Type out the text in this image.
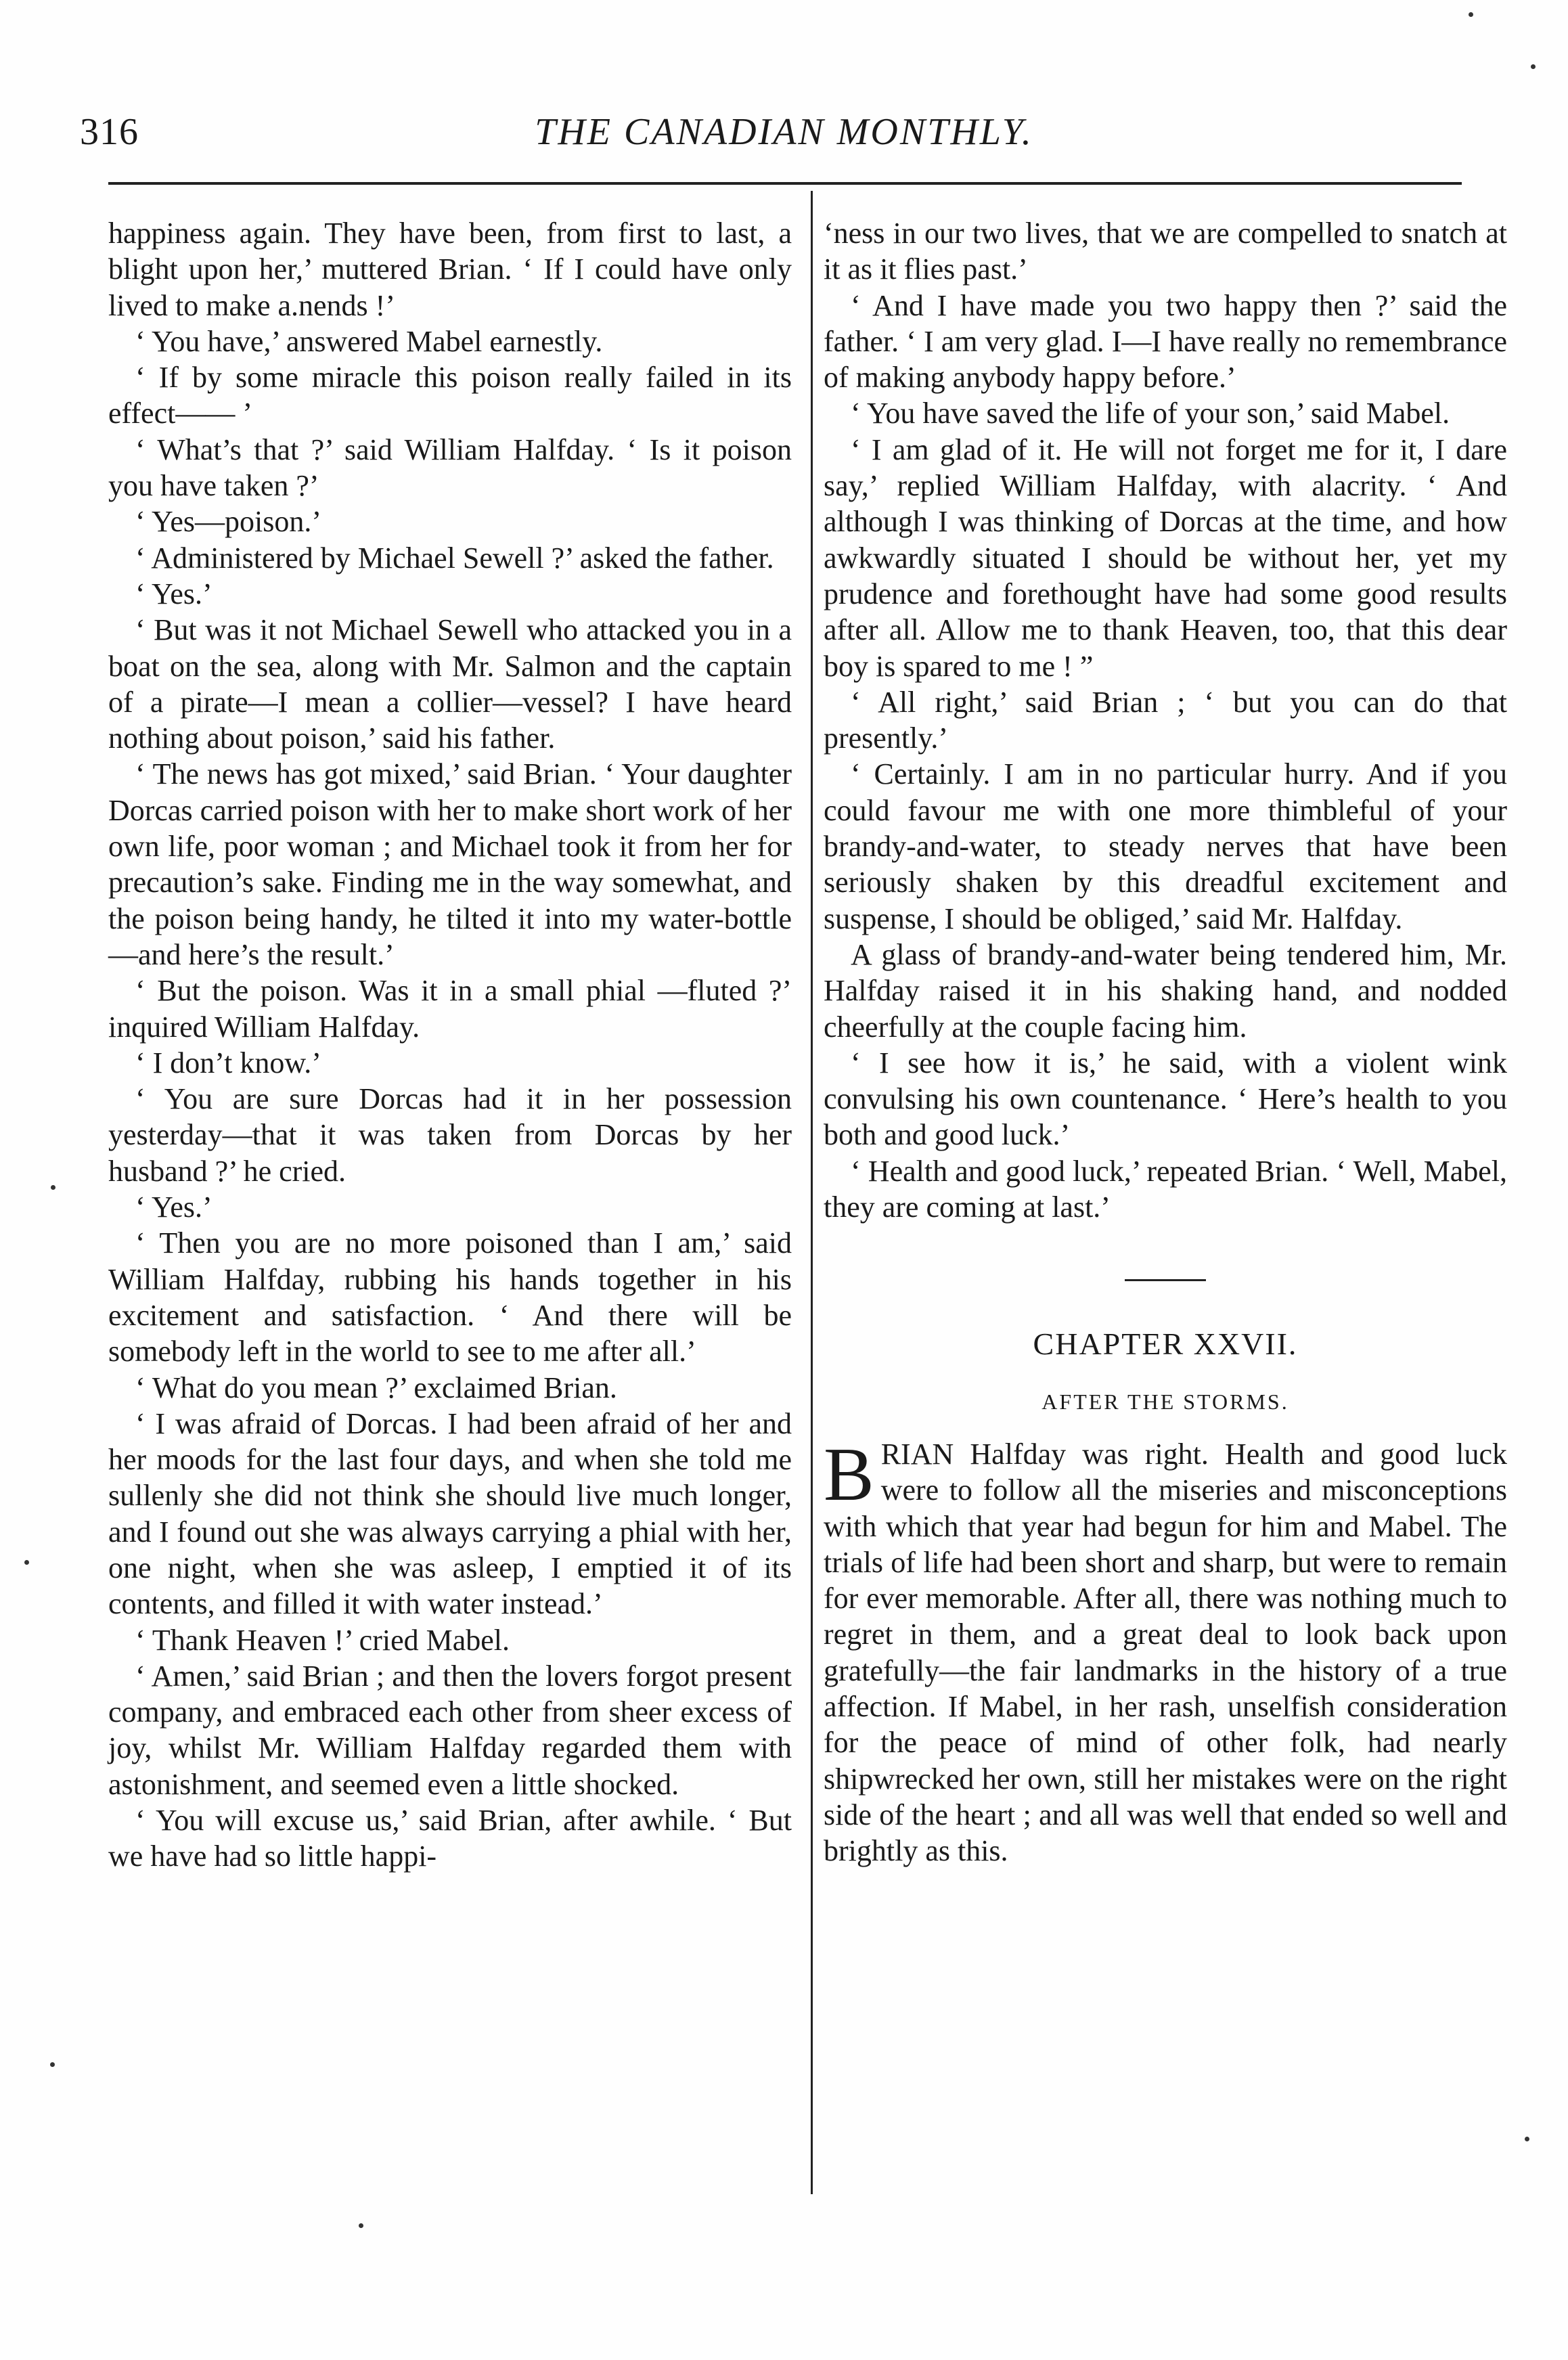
316	THE CANADIAN MONTHLY.

happiness again. They have been, from first to last, a blight upon her,’ muttered Brian. ‘ If I could have only lived to make a.nends !’

‘ You have,’ answered Mabel earnestly.

‘ If by some miracle this poison really failed in its effect—— ’

‘ What’s that ?’ said William Halfday. ‘ Is it poison you have taken ?’

‘ Yes—poison.’

‘ Administered by Michael Sewell ?’ asked the father.

‘ Yes.’

‘ But was it not Michael Sewell who attacked you in a boat on the sea, along with Mr. Salmon and the captain of a pirate—I mean a collier—vessel? I have heard nothing about poison,’ said his father.

‘ The news has got mixed,’ said Brian. ‘ Your daughter Dorcas carried poison with her to make short work of her own life, poor woman ; and Michael took it from her for precaution’s sake. Finding me in the way somewhat, and the poison being handy, he tilted it into my water-bottle—and here’s the result.’

‘ But the poison. Was it in a small phial —fluted ?’ inquired William Halfday.

‘ I don’t know.’

‘ You are sure Dorcas had it in her possession yesterday—that it was taken from Dorcas by her husband ?’ he cried.

‘ Yes.’

‘ Then you are no more poisoned than I am,’ said William Halfday, rubbing his hands together in his excitement and satisfaction. ‘ And there will be somebody left in the world to see to me after all.’

‘ What do you mean ?’ exclaimed Brian.

‘ I was afraid of Dorcas. I had been afraid of her and her moods for the last four days, and when she told me sullenly she did not think she should live much longer, and I found out she was always carrying a phial with her, one night, when she was asleep, I emptied it of its contents, and filled it with water instead.’

‘ Thank Heaven !’ cried Mabel.

‘ Amen,’ said Brian ; and then the lovers forgot present company, and embraced each other from sheer excess of joy, whilst Mr. William Halfday regarded them with astonishment, and seemed even a little shocked.

‘ You will excuse us,’ said Brian, after awhile. ‘ But we have had so little happi-

‘ness in our two lives, that we are compelled to snatch at it as it flies past.’

‘ And I have made you two happy then ?’ said the father. ‘ I am very glad. I—I have really no remembrance of making anybody happy before.’

‘ You have saved the life of your son,’ said Mabel.

‘ I am glad of it. He will not forget me for it, I dare say,’ replied William Halfday, with alacrity. ‘ And although I was thinking of Dorcas at the time, and how awkwardly situated I should be without her, yet my prudence and forethought have had some good results after all. Allow me to thank Heaven, too, that this dear boy is spared to me ! ”

‘ All right,’ said Brian ; ‘ but you can do that presently.’

‘ Certainly. I am in no particular hurry. And if you could favour me with one more thimbleful of your brandy-and-water, to steady nerves that have been seriously shaken by this dreadful excitement and suspense, I should be obliged,’ said Mr. Halfday.

A glass of brandy-and-water being tendered him, Mr. Halfday raised it in his shaking hand, and nodded cheerfully at the couple facing him.

‘ I see how it is,’ he said, with a violent wink convulsing his own countenance. ‘ Here’s health to you both and good luck.’

‘ Health and good luck,’ repeated Brian. ‘ Well, Mabel, they are coming at last.’

CHAPTER XXVII.
AFTER THE STORMS.

BRIAN Halfday was right. Health and good luck were to follow all the miseries and misconceptions with which that year had begun for him and Mabel. The trials of life had been short and sharp, but were to remain for ever memorable. After all, there was nothing much to regret in them, and a great deal to look back upon gratefully—the fair landmarks in the history of a true affection. If Mabel, in her rash, unselfish consideration for the peace of mind of other folk, had nearly shipwrecked her own, still her mistakes were on the right side of the heart ; and all was well that ended so well and brightly as this.
